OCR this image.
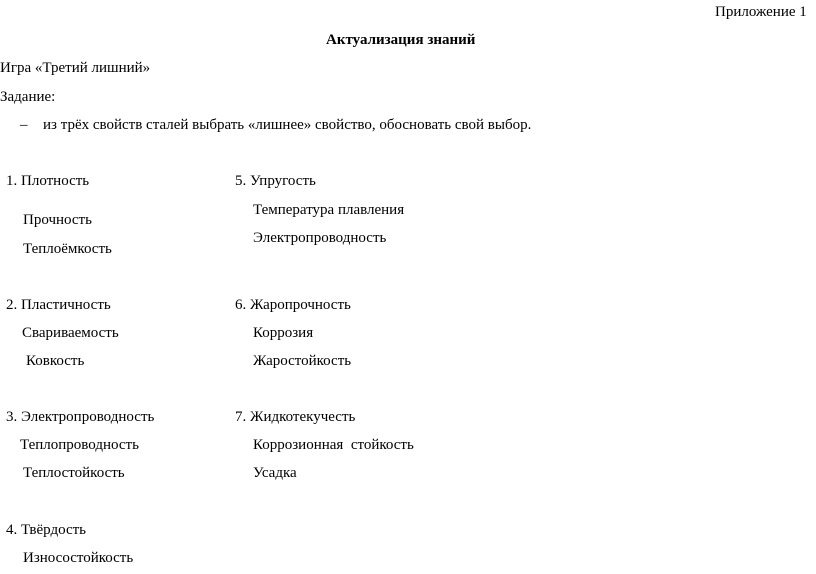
Приложение 1
Актуализация знаний
Игра «Третий лишний»
Задание:
– из трёх свойств сталей выбрать «лишнее» свойство, обосновать свой выбор.
1. Плотность
Прочность
Теплоёмкость
2. Пластичность
Свариваемость
Ковкость
3. Электропроводность
Теплопроводность
Теплостойкость
4. Твёрдость
Износостойкость
5. Упругость
Температура плавления
Электропроводность
6. Жаропрочность
Коррозия
Жаростойкость
7. Жидкотекучесть
Коррозионная  стойкость
Усадка
